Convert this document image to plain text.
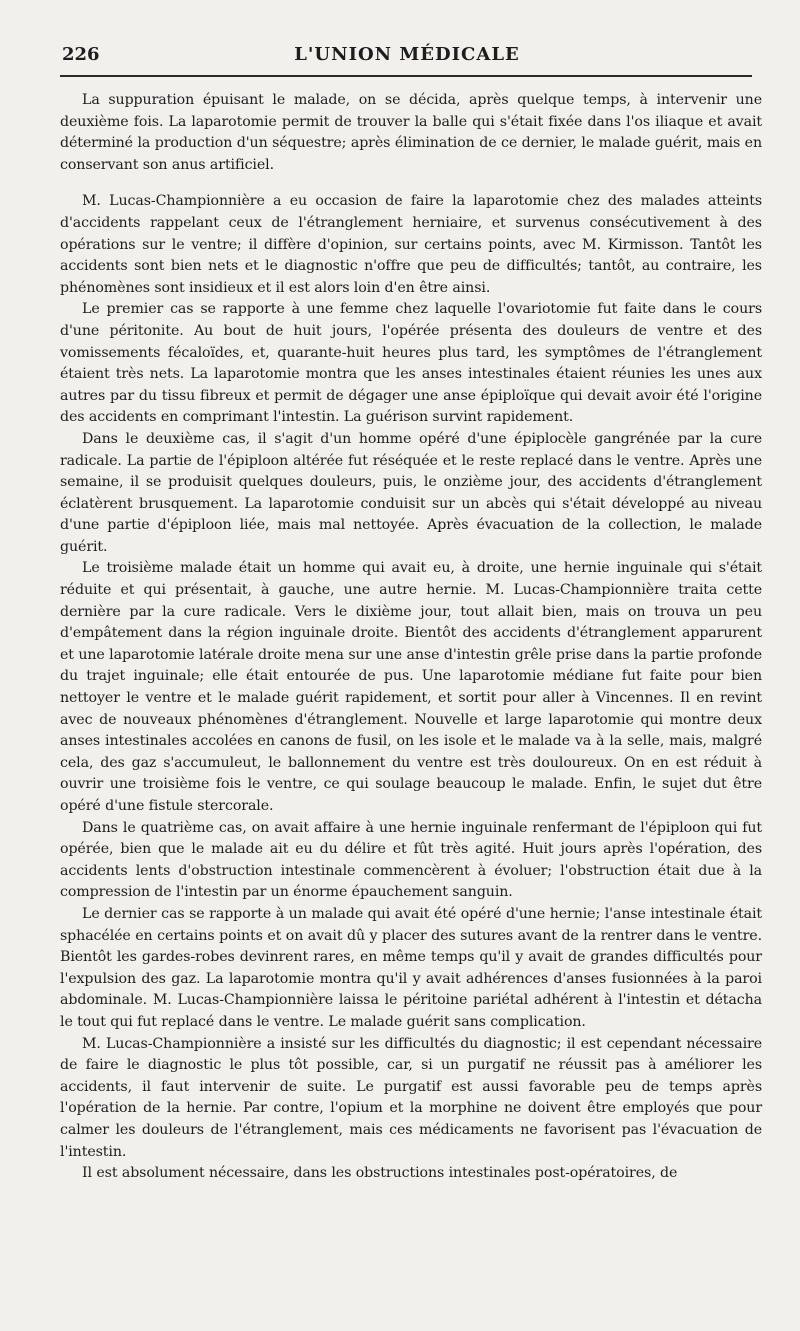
226	L'UNION MÉDICALE

La suppuration épuisant le malade, on se décida, après quelque temps, à intervenir une deuxième fois. La laparotomie permit de trouver la balle qui s'était fixée dans l'os iliaque et avait déterminé la production d'un séquestre; après élimination de ce dernier, le malade guérit, mais en conservant son anus artificiel.

M. Lucas-Championnière a eu occasion de faire la laparotomie chez des malades atteints d'accidents rappelant ceux de l'étranglement herniaire, et survenus consécutivement à des opérations sur le ventre; il diffère d'opinion, sur certains points, avec M. Kirmisson. Tantôt les accidents sont bien nets et le diagnostic n'offre que peu de difficultés; tantôt, au contraire, les phénomènes sont insidieux et il est alors loin d'en être ainsi.

Le premier cas se rapporte à une femme chez laquelle l'ovariotomie fut faite dans le cours d'une péritonite. Au bout de huit jours, l'opérée présenta des douleurs de ventre et des vomissements fécaloïdes, et, quarante-huit heures plus tard, les symptômes de l'étranglement étaient très nets. La laparotomie montra que les anses intestinales étaient réunies les unes aux autres par du tissu fibreux et permit de dégager une anse épiploïque qui devait avoir été l'origine des accidents en comprimant l'intestin. La guérison survint rapidement.

Dans le deuxième cas, il s'agit d'un homme opéré d'une épiplocèle gangrénée par la cure radicale. La partie de l'épiploon altérée fut réséquée et le reste replacé dans le ventre. Après une semaine, il se produisit quelques douleurs, puis, le onzième jour, des accidents d'étranglement éclatèrent brusquement. La laparotomie conduisit sur un abcès qui s'était développé au niveau d'une partie d'épiploon liée, mais mal nettoyée. Après évacuation de la collection, le malade guérit.

Le troisième malade était un homme qui avait eu, à droite, une hernie inguinale qui s'était réduite et qui présentait, à gauche, une autre hernie. M. Lucas-Championnière traita cette dernière par la cure radicale. Vers le dixième jour, tout allait bien, mais on trouva un peu d'empâtement dans la région inguinale droite. Bientôt des accidents d'étranglement apparurent et une laparotomie latérale droite mena sur une anse d'intestin grêle prise dans la partie profonde du trajet inguinale; elle était entourée de pus. Une laparotomie médiane fut faite pour bien nettoyer le ventre et le malade guérit rapidement, et sortit pour aller à Vincennes. Il en revint avec de nouveaux phénomènes d'étranglement. Nouvelle et large laparotomie qui montre deux anses intestinales accolées en canons de fusil, on les isole et le malade va à la selle, mais, malgré cela, des gaz s'accumuleut, le ballonnement du ventre est très douloureux. On en est réduit à ouvrir une troisième fois le ventre, ce qui soulage beaucoup le malade. Enfin, le sujet dut être opéré d'une fistule stercorale.

Dans le quatrième cas, on avait affaire à une hernie inguinale renfermant de l'épiploon qui fut opérée, bien que le malade ait eu du délire et fût très agité. Huit jours après l'opération, des accidents lents d'obstruction intestinale commencèrent à évoluer; l'obstruction était due à la compression de l'intestin par un énorme épauchement sanguin.

Le dernier cas se rapporte à un malade qui avait été opéré d'une hernie; l'anse intestinale était sphacélée en certains points et on avait dû y placer des sutures avant de la rentrer dans le ventre. Bientôt les gardes-robes devinrent rares, en même temps qu'il y avait de grandes difficultés pour l'expulsion des gaz. La laparotomie montra qu'il y avait adhérences d'anses fusionnées à la paroi abdominale. M. Lucas-Championnière laissa le péritoine pariétal adhérent à l'intestin et détacha le tout qui fut replacé dans le ventre. Le malade guérit sans complication.

M. Lucas-Championnière a insisté sur les difficultés du diagnostic; il est cependant nécessaire de faire le diagnostic le plus tôt possible, car, si un purgatif ne réussit pas à améliorer les accidents, il faut intervenir de suite. Le purgatif est aussi favorable peu de temps après l'opération de la hernie. Par contre, l'opium et la morphine ne doivent être employés que pour calmer les douleurs de l'étranglement, mais ces médicaments ne favorisent pas l'évacuation de l'intestin.

Il est absolument nécessaire, dans les obstructions intestinales post-opératoires, de
